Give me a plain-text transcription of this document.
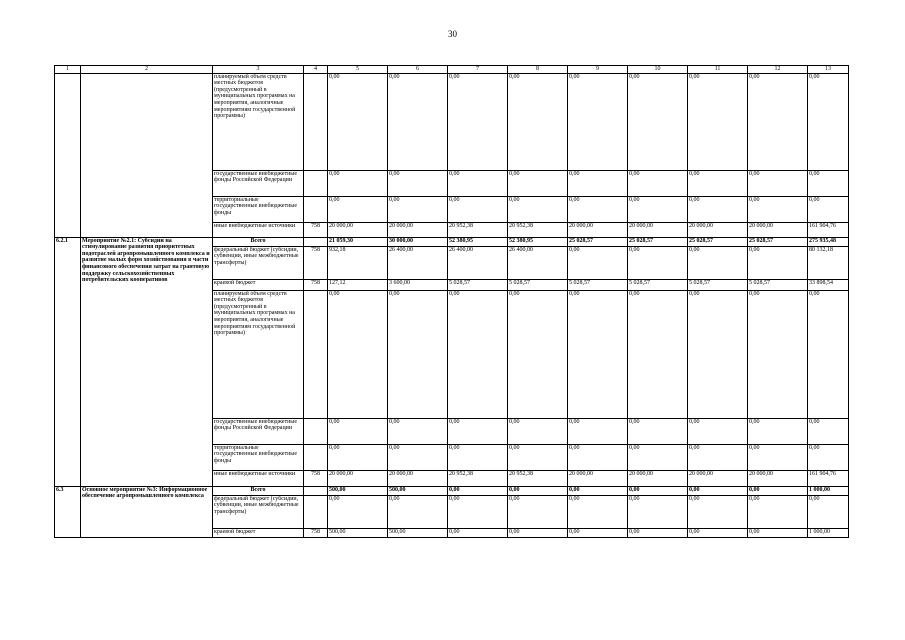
30
1	2	3	4	5	6	7	8	9	10	11	12	13
		планируемый объем средств местных бюджетов (предусмотренный в муниципальных программах на мероприятия, аналогичные мероприятиям государственной программы)		0,00	0,00	0,00	0,00	0,00	0,00	0,00	0,00	0,00
		государственные внебюджетные фонды Российской Федерации		0,00	0,00	0,00	0,00	0,00	0,00	0,00	0,00	0,00
		территориальные государственные внебюджетные фонды		0,00	0,00	0,00	0,00	0,00	0,00	0,00	0,00	0,00
		иные внебюджетные источники	758	20 000,00	20 000,00	20 952,38	20 952,38	20 000,00	20 000,00	20 000,00	20 000,00	161 904,76
6.2.1	Мероприятие №2.1: Субсидии на стимулирование развития приоритетных подотраслей агропромышленного комплекса и развитие малых форм хозяйствования в части финансового обеспечения затрат на грантовую поддержку сельскохозяйственных потребительских кооперативов	Всего		21 059,30	30 000,00	52 380,95	52 380,95	25 028,57	25 028,57	25 028,57	25 028,57	275 935,48
		федеральный бюджет (субсидии, субвенции, иные межбюджетные трансферты)	758	932,18	26 400,00	26 400,00	26 400,00	0,00	0,00	0,00	0,00	80 132,18
		краевой бюджет	758	127,12	3 600,00	5 028,57	5 028,57	5 028,57	5 028,57	5 028,57	5 028,57	33 898,54
		планируемый объем средств местных бюджетов (предусмотренный в муниципальных программах на мероприятия, аналогичные мероприятиям государственной программы)		0,00	0,00	0,00	0,00	0,00	0,00	0,00	0,00	0,00
		государственные внебюджетные фонды Российской Федерации		0,00	0,00	0,00	0,00	0,00	0,00	0,00	0,00	0,00
		территориальные государственные внебюджетные фонды		0,00	0,00	0,00	0,00	0,00	0,00	0,00	0,00	0,00
		иные внебюджетные источники	758	20 000,00	20 000,00	20 952,38	20 952,38	20 000,00	20 000,00	20 000,00	20 000,00	161 904,76
6.3	Основное мероприятие №3: Информационное обеспечение агропромышленного комплекса	Всего		500,00	500,00	0,00	0,00	0,00	0,00	0,00	0,00	1 000,00
		федеральный бюджет (субсидии, субвенции, иные межбюджетные трансферты)		0,00	0,00	0,00	0,00	0,00	0,00	0,00	0,00	0,00
		краевой бюджет	758	500,00	500,00	0,00	0,00	0,00	0,00	0,00	0,00	1 000,00
